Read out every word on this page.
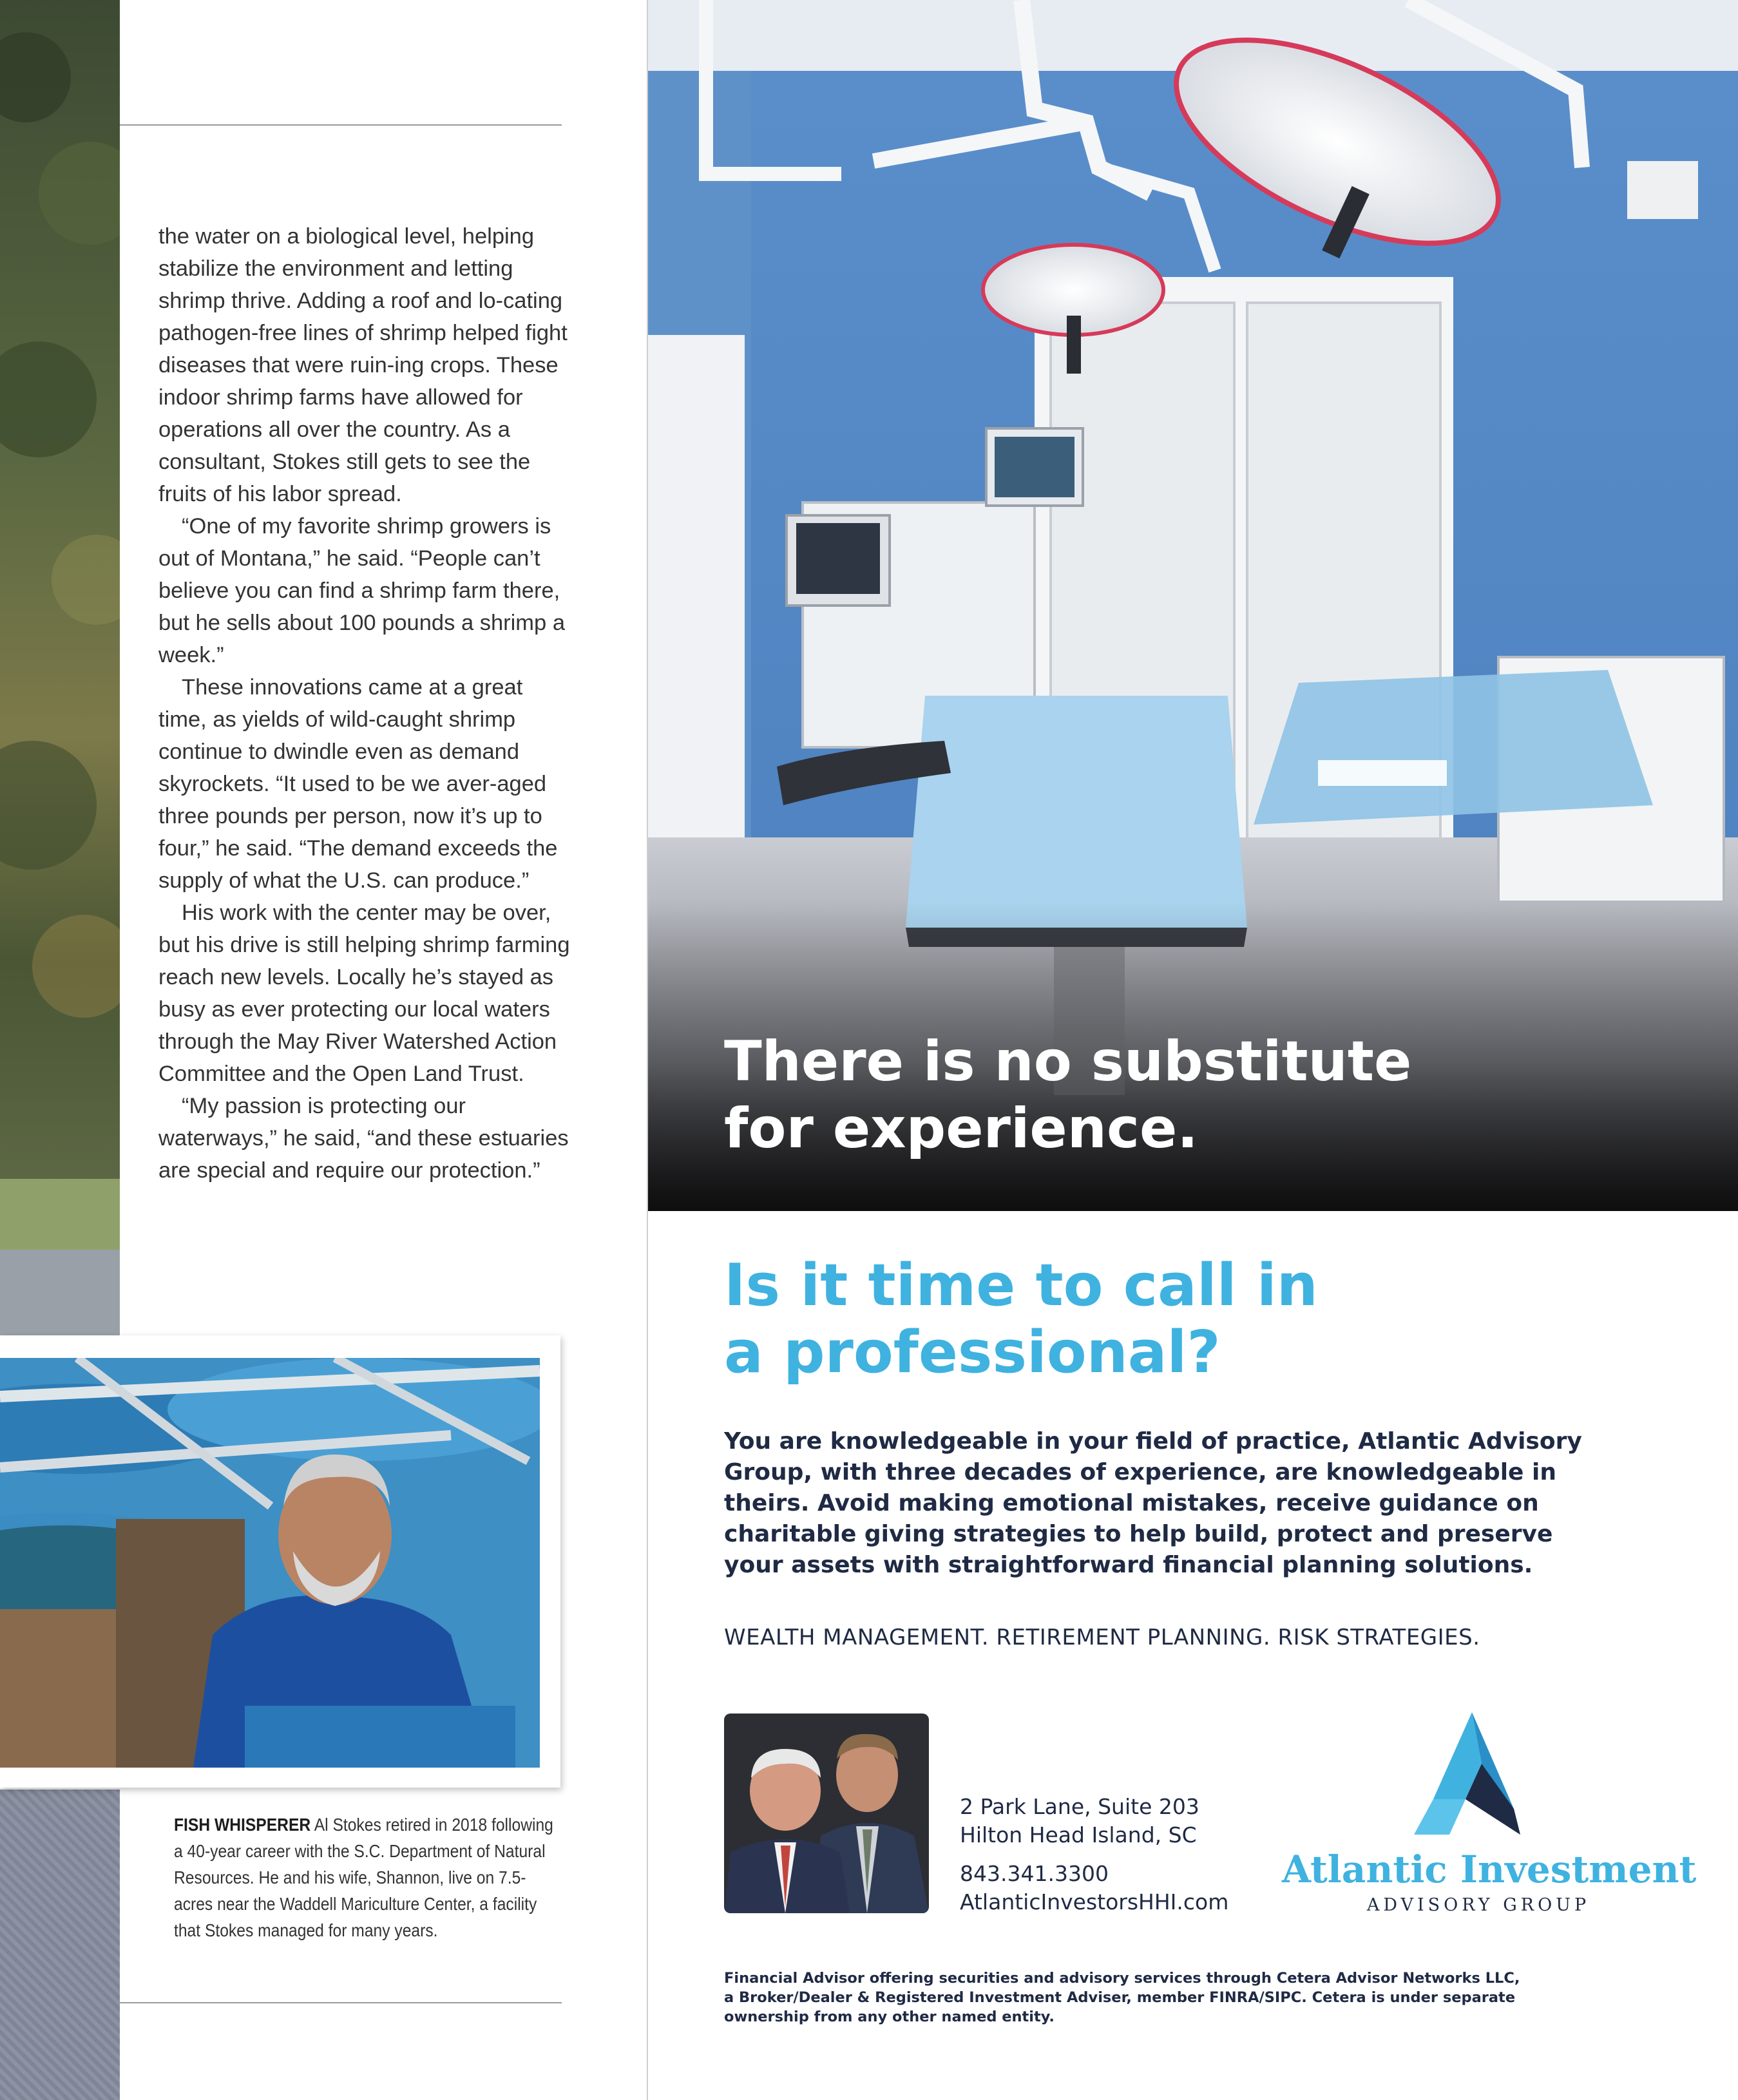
the water on a biological level, helping stabilize the environment and letting shrimp thrive. Adding a roof and lo-cating pathogen-free lines of shrimp helped fight diseases that were ruin-ing crops. These indoor shrimp farms have allowed for operations all over the country. As a consultant, Stokes still gets to see the fruits of his labor spread.

“One of my favorite shrimp growers is out of Montana,” he said. “People can’t believe you can find a shrimp farm there, but he sells about 100 pounds a shrimp a week.”

These innovations came at a great time, as yields of wild-caught shrimp continue to dwindle even as demand skyrockets. “It used to be we aver-aged three pounds per person, now it’s up to four,” he said. “The demand exceeds the supply of what the U.S. can produce.”

His work with the center may be over, but his drive is still helping shrimp farming reach new levels. Locally he’s stayed as busy as ever protecting our local waters through the May River Watershed Action Committee and the Open Land Trust.

“My passion is protecting our waterways,” he said, “and these estuaries are special and require our protection.”

FISH WHISPERER Al Stokes retired in 2018 following a 40-year career with the S.C. Department of Natural Resources. He and his wife, Shannon, live on 7.5-acres near the Waddell Mariculture Center, a facility that Stokes managed for many years.
There is no substitute
for experience.
Is it time to call in
a professional?
You are knowledgeable in your field of practice, Atlantic Advisory Group, with three decades of experience, are knowledgeable in theirs. Avoid making emotional mistakes, receive guidance on charitable giving strategies to help build, protect and preserve your assets with straightforward financial planning solutions.
WEALTH MANAGEMENT. RETIREMENT PLANNING. RISK STRATEGIES.
2 Park Lane, Suite 203
Hilton Head Island, SC
843.341.3300
AtlanticInvestorsHHI.com
Atlantic Investment
ADVISORY GROUP
Financial Advisor offering securities and advisory services through Cetera Advisor Networks LLC,
a Broker/Dealer & Registered Investment Adviser, member FINRA/SIPC. Cetera is under separate
ownership from any other named entity.
